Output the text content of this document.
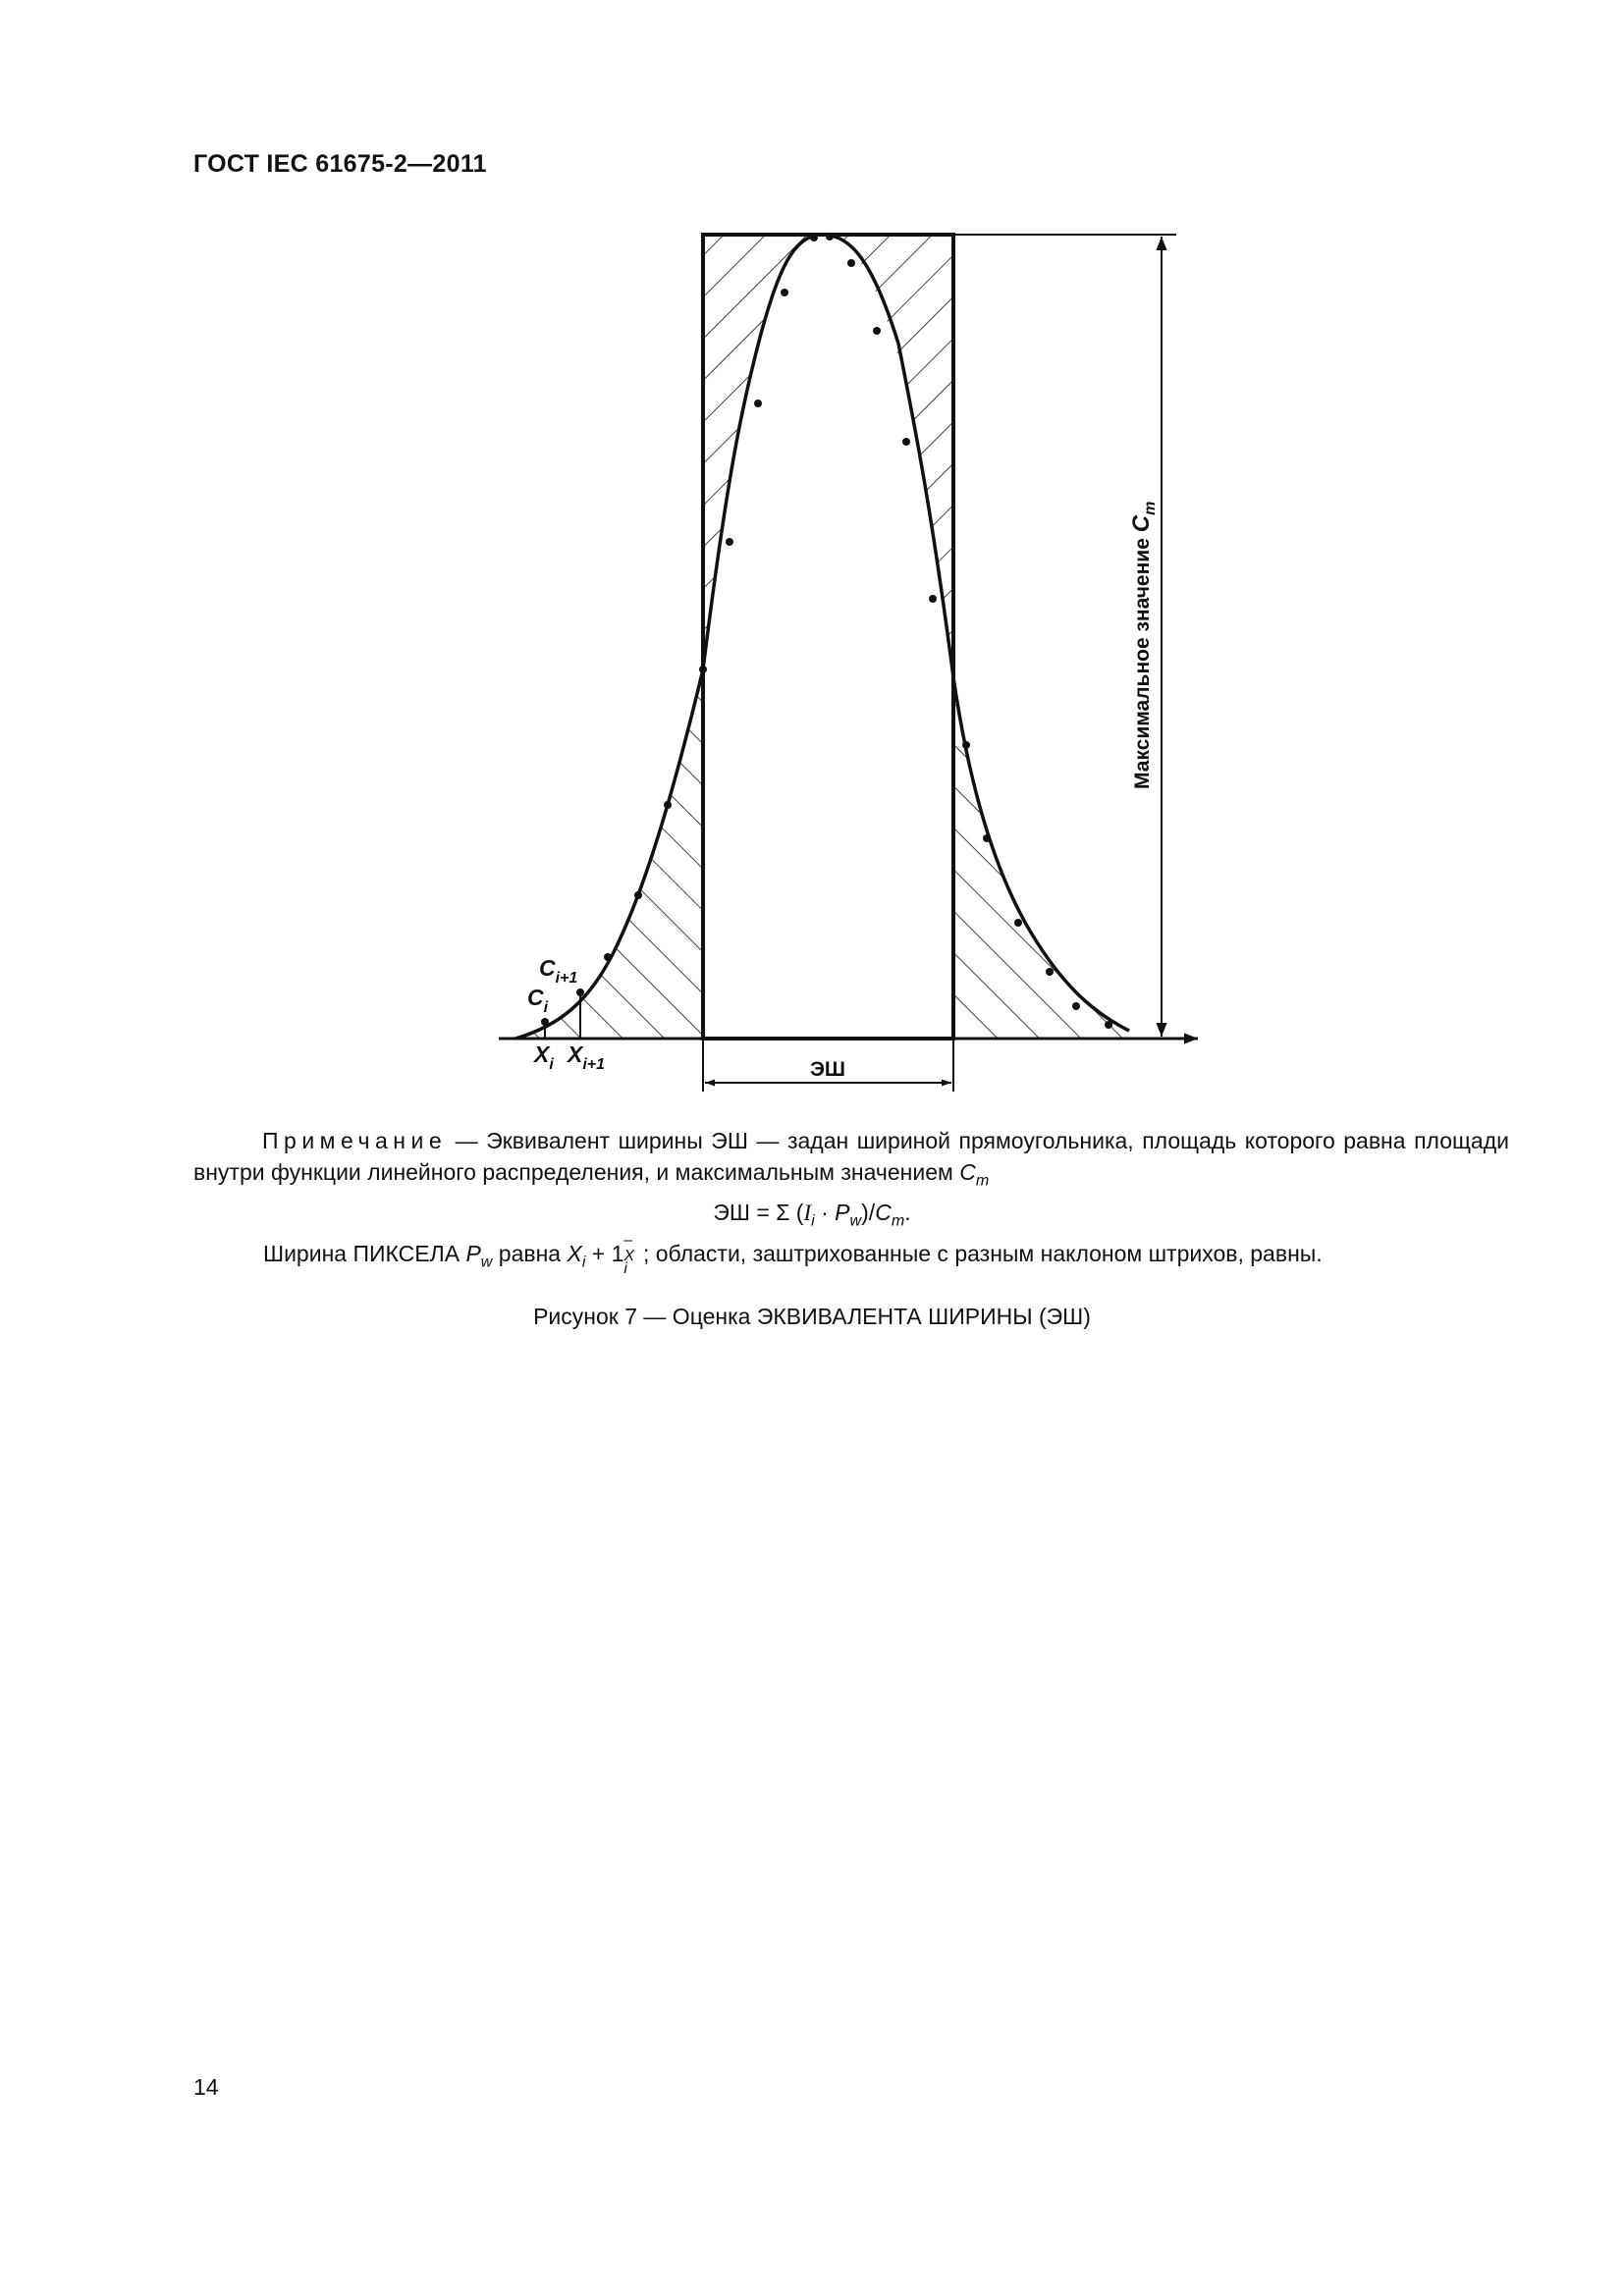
ГОСТ IEC 61675-2—2011
$C_{i+1}$
$C_i$
$X_i$ $X_{i+1}$	ЭШ
Максимальное значение $C_m$
Примечание — Эквивалент ширины ЭШ — задан шириной прямоугольника, площадь которого равна площади внутри функции линейного распределения, и максимальным значением $C_m$
ЭШ = Σ $(I_i \cdot P_w)/C_m$.
Ширина ПИКСЕЛА $P_w$ равна $X_i + 1$
–X
$_i$; области, заштрихованные с разным наклоном штрихов, равны.
Рисунок 7 — Оценка ЭКВИВАЛЕНТА ШИРИНЫ (ЭШ)
14
